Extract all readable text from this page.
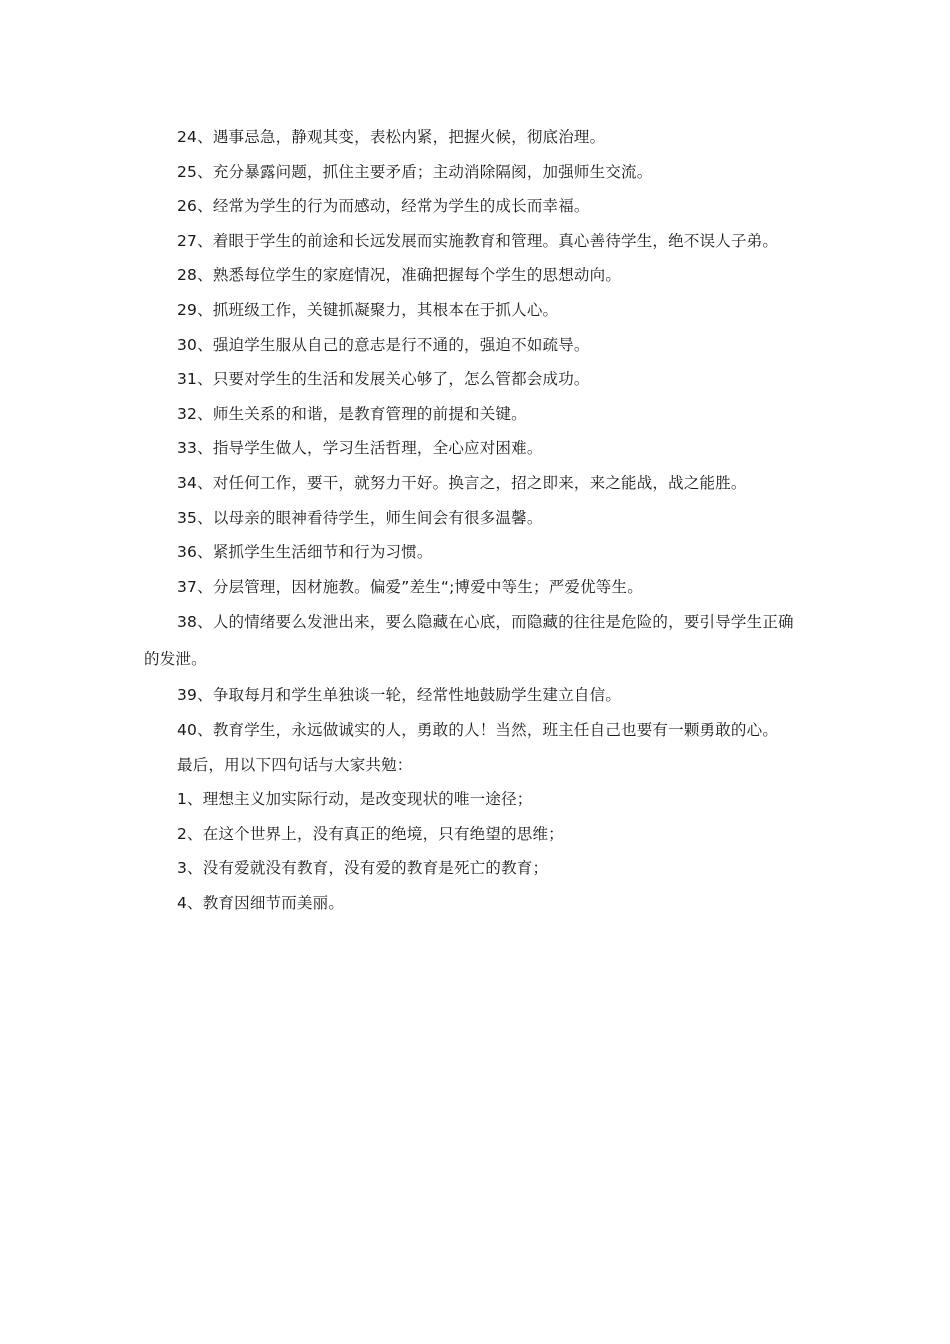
24、遇事忌急，静观其变，表松内紧，把握火候，彻底治理。

25、充分暴露问题，抓住主要矛盾；主动消除隔阂，加强师生交流。

26、经常为学生的行为而感动，经常为学生的成长而幸福。

27、着眼于学生的前途和长远发展而实施教育和管理。真心善待学生，绝不误人子弟。

28、熟悉每位学生的家庭情况，准确把握每个学生的思想动向。

29、抓班级工作，关键抓凝聚力，其根本在于抓人心。

30、强迫学生服从自己的意志是行不通的，强迫不如疏导。

31、只要对学生的生活和发展关心够了，怎么管都会成功。

32、师生关系的和谐，是教育管理的前提和关键。

33、指导学生做人，学习生活哲理，全心应对困难。

34、对任何工作，要干，就努力干好。换言之，招之即来，来之能战，战之能胜。

35、以母亲的眼神看待学生，师生间会有很多温馨。

36、紧抓学生生活细节和行为习惯。

37、分层管理，因材施教。偏爱”差生“;博爱中等生；严爱优等生。

38、人的情绪要么发泄出来，要么隐藏在心底，而隐藏的往往是危险的，要引导学生正确的发泄。

39、争取每月和学生单独谈一轮，经常性地鼓励学生建立自信。

40、教育学生，永远做诚实的人，勇敢的人！当然，班主任自己也要有一颗勇敢的心。

最后，用以下四句话与大家共勉：

1、理想主义加实际行动，是改变现状的唯一途径；

2、在这个世界上，没有真正的绝境，只有绝望的思维；

3、没有爱就没有教育，没有爱的教育是死亡的教育；

4、教育因细节而美丽。
